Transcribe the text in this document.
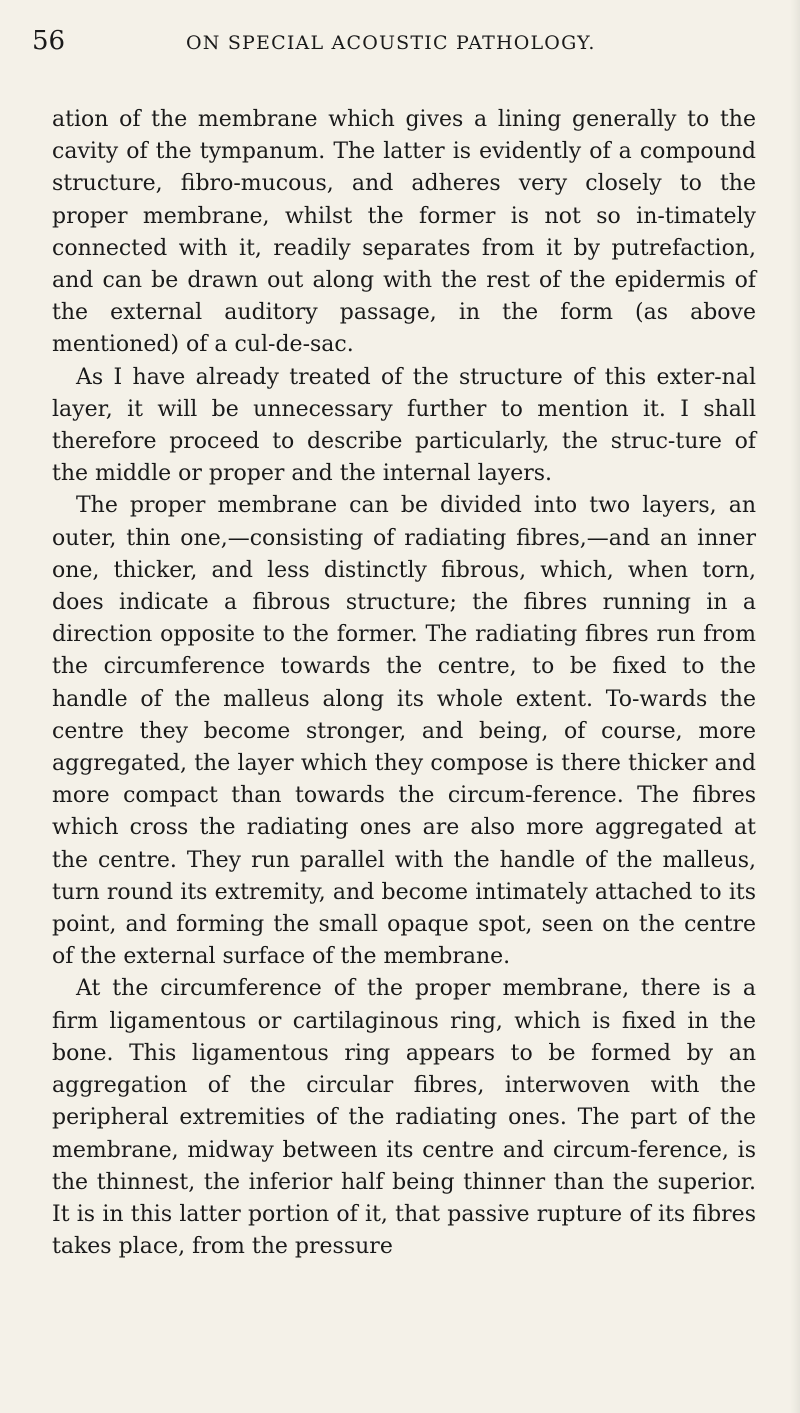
56	ON SPECIAL ACOUSTIC PATHOLOGY.

ation of the membrane which gives a lining generally to the cavity of the tympanum. The latter is evidently of a compound structure, fibro-mucous, and adheres very closely to the proper membrane, whilst the former is not so in-timately connected with it, readily separates from it by putrefaction, and can be drawn out along with the rest of the epidermis of the external auditory passage, in the form (as above mentioned) of a cul-de-sac.

As I have already treated of the structure of this exter-nal layer, it will be unnecessary further to mention it. I shall therefore proceed to describe particularly, the struc-ture of the middle or proper and the internal layers.

The proper membrane can be divided into two layers, an outer, thin one,—consisting of radiating fibres,—and an inner one, thicker, and less distinctly fibrous, which, when torn, does indicate a fibrous structure; the fibres running in a direction opposite to the former. The radiating fibres run from the circumference towards the centre, to be fixed to the handle of the malleus along its whole extent. To-wards the centre they become stronger, and being, of course, more aggregated, the layer which they compose is there thicker and more compact than towards the circum-ference. The fibres which cross the radiating ones are also more aggregated at the centre. They run parallel with the handle of the malleus, turn round its extremity, and become intimately attached to its point, and forming the small opaque spot, seen on the centre of the external surface of the membrane.

At the circumference of the proper membrane, there is a firm ligamentous or cartilaginous ring, which is fixed in the bone. This ligamentous ring appears to be formed by an aggregation of the circular fibres, interwoven with the peripheral extremities of the radiating ones. The part of the membrane, midway between its centre and circum-ference, is the thinnest, the inferior half being thinner than the superior. It is in this latter portion of it, that passive rupture of its fibres takes place, from the pressure
